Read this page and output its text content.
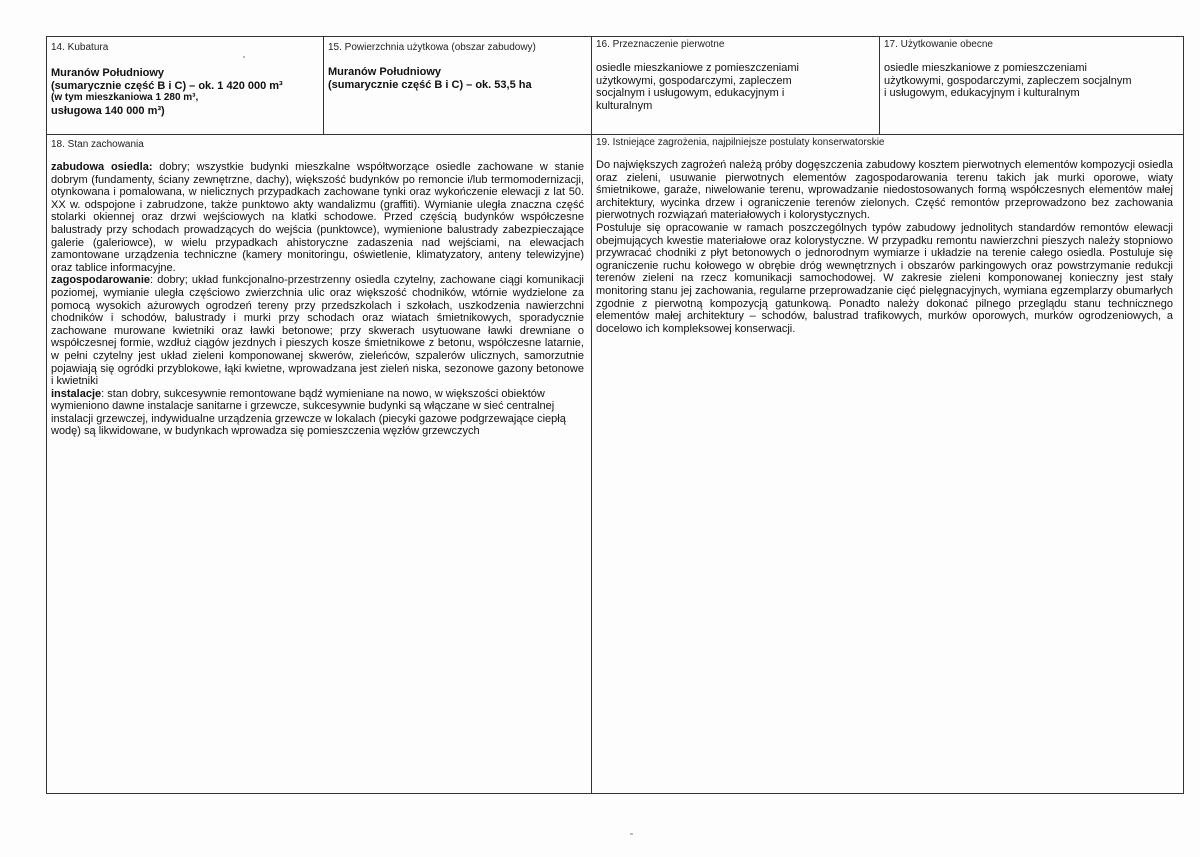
14. Kubatura
Muranów Południowy
(sumarycznie część B i C) – ok. 1 420 000 m³
(w tym mieszkaniowa 1 280 m³,
usługowa 140 000 m³)
15. Powierzchnia użytkowa (obszar zabudowy)
Muranów Południowy
(sumarycznie część B i C) – ok. 53,5 ha
16. Przeznaczenie pierwotne
osiedle mieszkaniowe z pomieszczeniami użytkowymi, gospodarczymi, zapleczem socjalnym i usługowym, edukacyjnym i kulturalnym
17. Użytkowanie obecne
osiedle mieszkaniowe z pomieszczeniami użytkowymi, gospodarczymi, zapleczem socjalnym i usługowym, edukacyjnym i kulturalnym
18. Stan zachowania

zabudowa osiedla: dobry; wszystkie budynki mieszkalne współtworzące osiedle zachowane w stanie dobrym (fundamenty, ściany zewnętrzne, dachy), większość budynków po remoncie i/lub termomodernizacji, otynkowana i pomalowana, w nielicznych przypadkach zachowane tynki oraz wykończenie elewacji z lat 50. XX w. odspojone i zabrudzone, także punktowo akty wandalizmu (graffiti). Wymianie uległa znaczna część stolarki okiennej oraz drzwi wejściowych na klatki schodowe. Przed częścią budynków współczesne balustrady przy schodach prowadzących do wejścia (punktowce), wymienione balustrady zabezpieczające galerie (galeriowce), w wielu przypadkach ahistoryczne zadaszenia nad wejściami, na elewacjach zamontowane urządzenia techniczne (kamery monitoringu, oświetlenie, klimatyzatory, anteny telewizyjne) oraz tablice informacyjne.

zagospodarowanie: dobry; układ funkcjonalno-przestrzenny osiedla czytelny, zachowane ciągi komunikacji poziomej, wymianie uległa częściowo zwierzchnia ulic oraz większość chodników, wtórnie wydzielone za pomocą wysokich ażurowych ogrodzeń tereny przy przedszkolach i szkołach, uszkodzenia nawierzchni chodników i schodów, balustrady i murki przy schodach oraz wiatach śmietnikowych, sporadycznie zachowane murowane kwietniki oraz ławki betonowe; przy skwerach usytuowane ławki drewniane o współczesnej formie, wzdłuż ciągów jezdnych i pieszych kosze śmietnikowe z betonu, współczesne latarnie, w pełni czytelny jest układ zieleni komponowanej skwerów, zieleńców, szpalerów ulicznych, samorzutnie pojawiają się ogródki przyblokowe, łąki kwietne, wprowadzana jest zieleń niska, sezonowe gazony betonowe i kwietniki

instalacje: stan dobry, sukcesywnie remontowane bądź wymieniane na nowo, w większości obiektów wymieniono dawne instalacje sanitarne i grzewcze, sukcesywnie budynki są włączane w sieć centralnej instalacji grzewczej, indywidualne urządzenia grzewcze w lokalach (piecyki gazowe podgrzewające ciepłą wodę) są likwidowane, w budynkach wprowadza się pomieszczenia węzłów grzewczych

19. Istniejące zagrożenia, najpilniejsze postulaty konserwatorskie

Do największych zagrożeń należą próby dogęszczenia zabudowy kosztem pierwotnych elementów kompozycji osiedla oraz zieleni, usuwanie pierwotnych elementów zagospodarowania terenu takich jak murki oporowe, wiaty śmietnikowe, garaże, niwelowanie terenu, wprowadzanie niedostosowanych formą współczesnych elementów małej architektury, wycinka drzew i ograniczenie terenów zielonych. Część remontów przeprowadzono bez zachowania pierwotnych rozwiązań materiałowych i kolorystycznych.

Postuluje się opracowanie w ramach poszczególnych typów zabudowy jednolitych standardów remontów elewacji obejmujących kwestie materiałowe oraz kolorystyczne. W przypadku remontu nawierzchni pieszych należy stopniowo przywracać chodniki z płyt betonowych o jednorodnym wymiarze i układzie na terenie całego osiedla. Postuluje się ograniczenie ruchu kołowego w obrębie dróg wewnętrznych i obszarów parkingowych oraz powstrzymanie redukcji terenów zieleni na rzecz komunikacji samochodowej. W zakresie zieleni komponowanej konieczny jest stały monitoring stanu jej zachowania, regularne przeprowadzanie cięć pielęgnacyjnych, wymiana egzemplarzy obumarłych zgodnie z pierwotną kompozycją gatunkową. Ponadto należy dokonać pilnego przeglądu stanu technicznego elementów małej architektury – schodów, balustrad trafikowych, murków oporowych, murków ogrodzeniowych, a docelowo ich kompleksowej konserwacji.
